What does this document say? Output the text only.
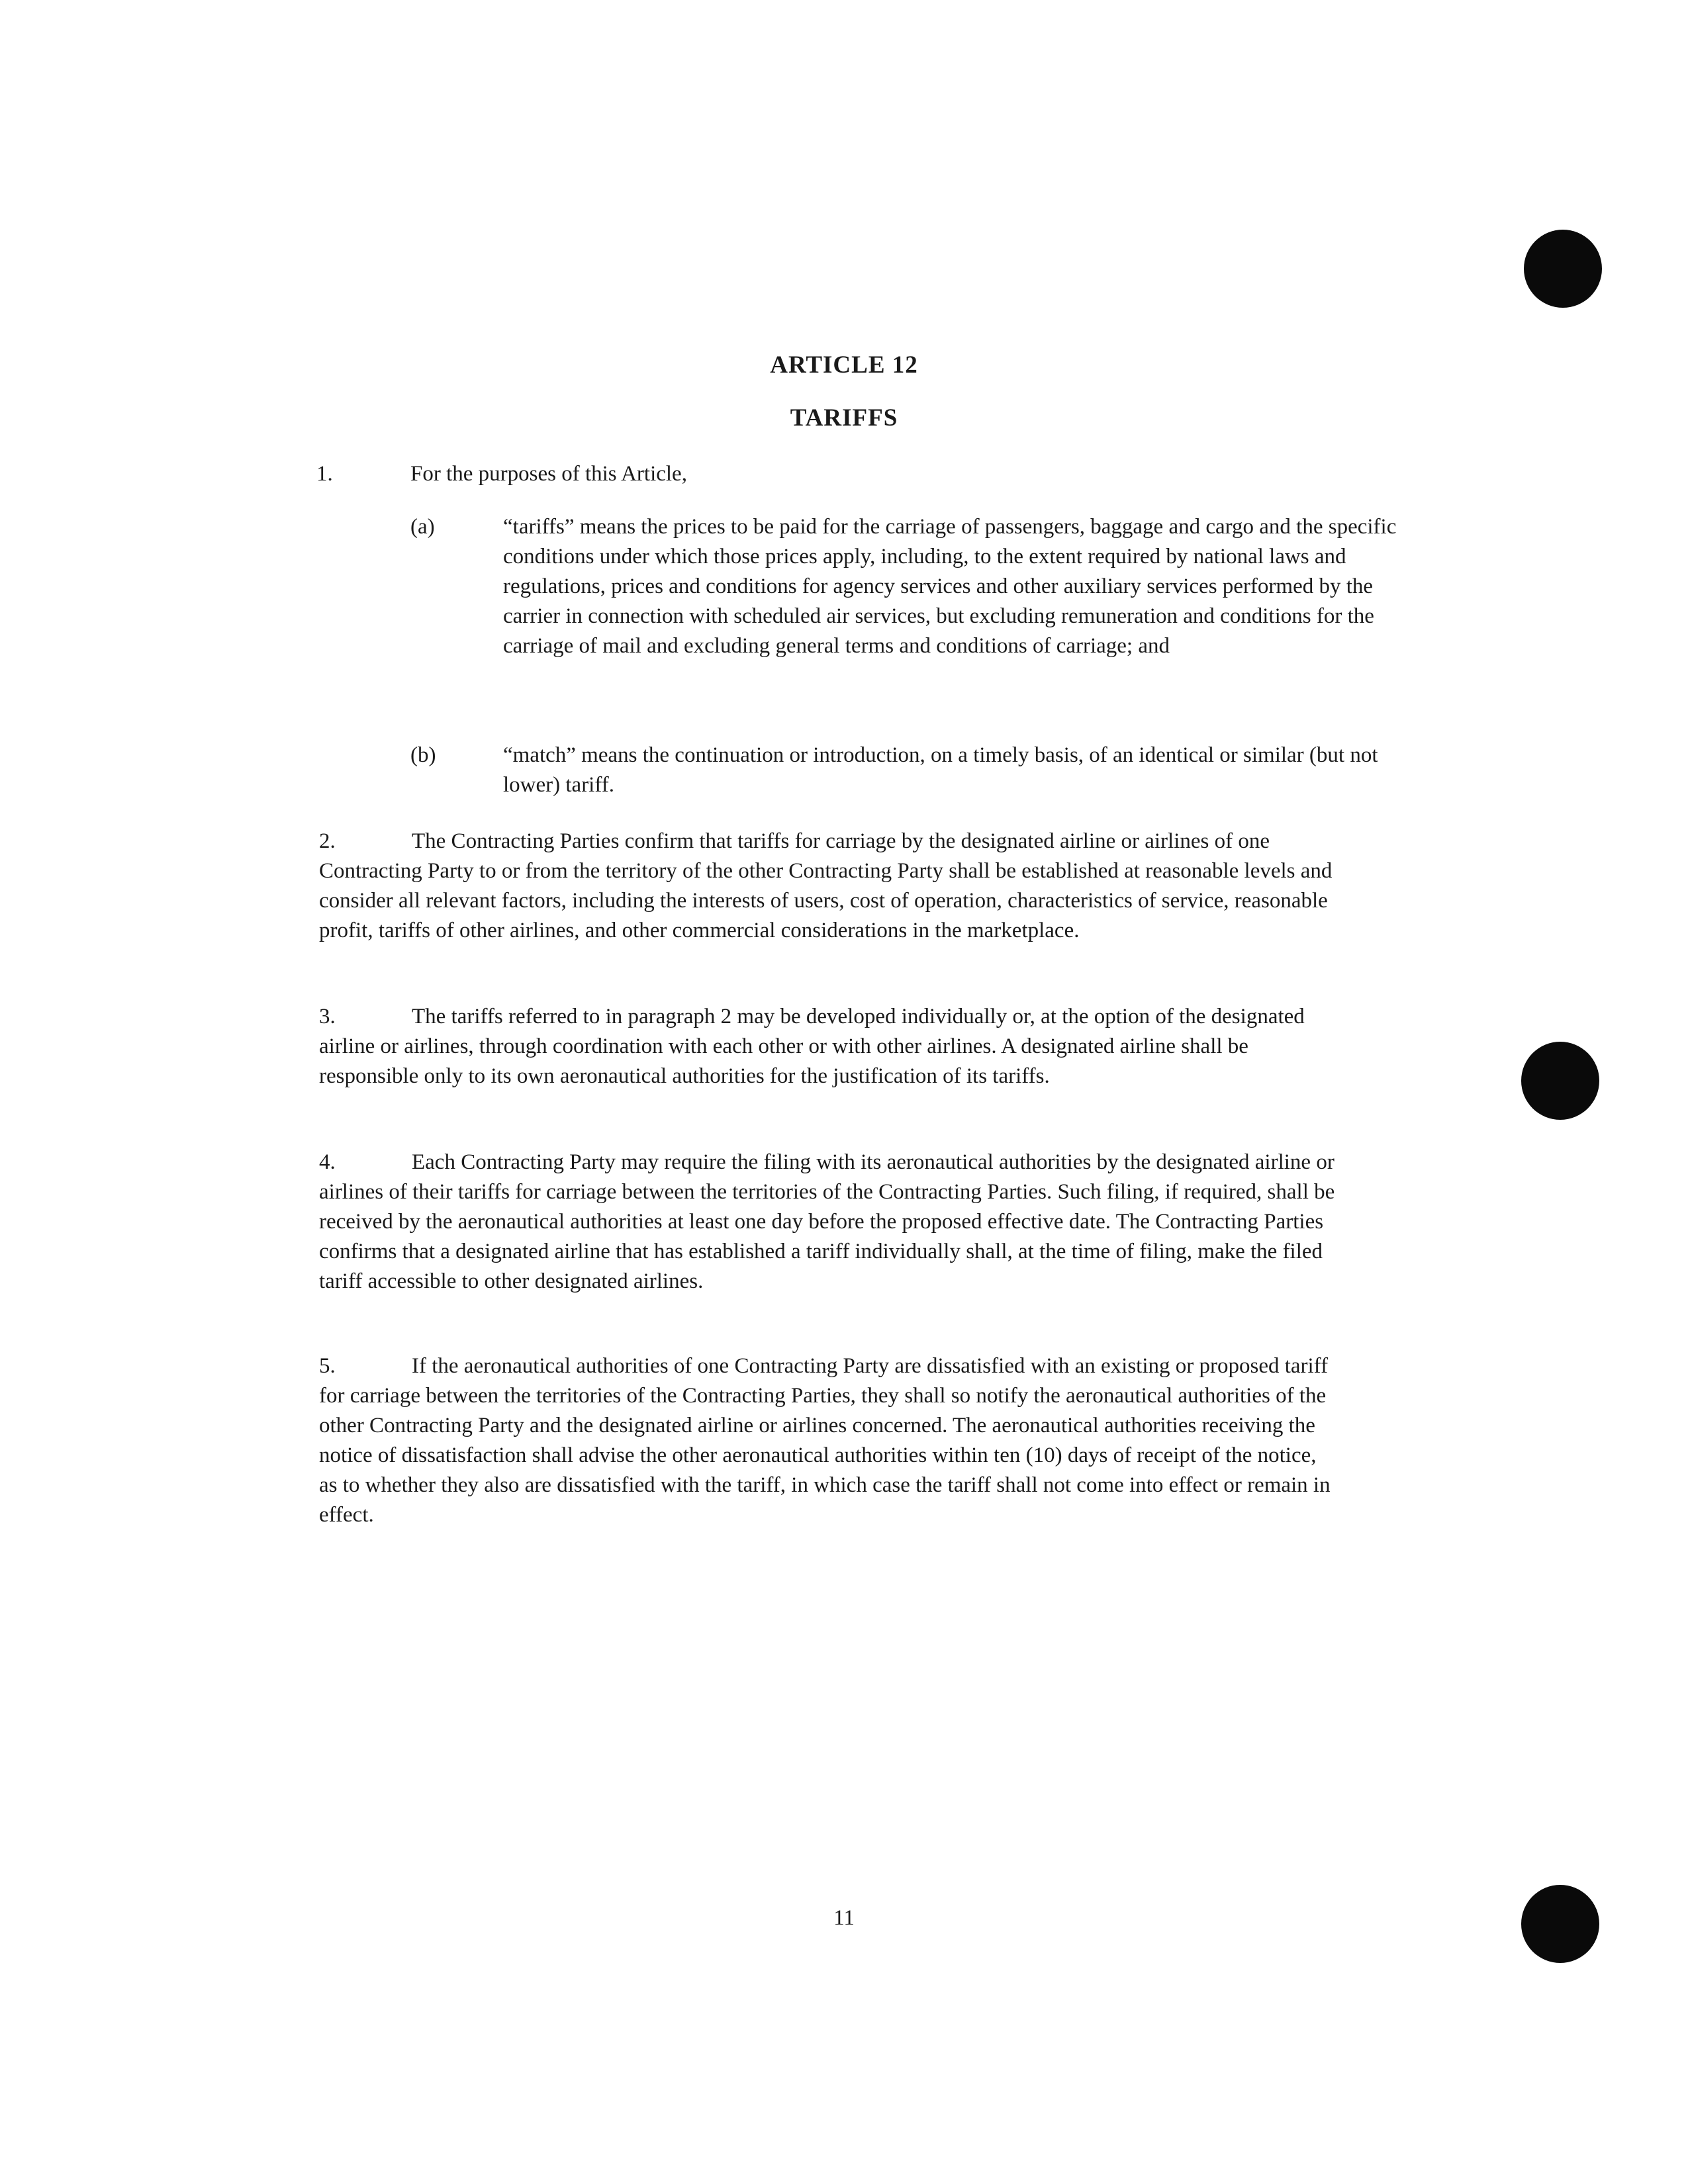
ARTICLE 12
TARIFFS
1.	For the purposes of this Article,
(a)	“tariffs” means the prices to be paid for the carriage of passengers, baggage and cargo and the specific conditions under which those prices apply, including, to the extent required by national laws and regulations, prices and conditions for agency services and other auxiliary services performed by the carrier in connection with scheduled air services, but excluding remuneration and conditions for the carriage of mail and excluding general terms and conditions of carriage; and

(b)	“match” means the continuation or introduction, on a timely basis, of an identical or similar (but not lower) tariff.

2.	The Contracting Parties confirm that tariffs for carriage by the designated airline or airlines of one Contracting Party to or from the territory of the other Contracting Party shall be established at reasonable levels and consider all relevant factors, including the interests of users, cost of operation, characteristics of service, reasonable profit, tariffs of other airlines, and other commercial considerations in the marketplace.

3.	The tariffs referred to in paragraph 2 may be developed individually or, at the option of the designated airline or airlines, through coordination with each other or with other airlines. A designated airline shall be responsible only to its own aeronautical authorities for the justification of its tariffs.

4.	Each Contracting Party may require the filing with its aeronautical authorities by the designated airline or airlines of their tariffs for carriage between the territories of the Contracting Parties. Such filing, if required, shall be received by the aeronautical authorities at least one day before the proposed effective date. The Contracting Parties confirms that a designated airline that has established a tariff individually shall, at the time of filing, make the filed tariff accessible to other designated airlines.

5.	If the aeronautical authorities of one Contracting Party are dissatisfied with an existing or proposed tariff for carriage between the territories of the Contracting Parties, they shall so notify the aeronautical authorities of the other Contracting Party and the designated airline or airlines concerned. The aeronautical authorities receiving the notice of dissatisfaction shall advise the other aeronautical authorities within ten (10) days of receipt of the notice, as to whether they also are dissatisfied with the tariff, in which case the tariff shall not come into effect or remain in effect.

11
